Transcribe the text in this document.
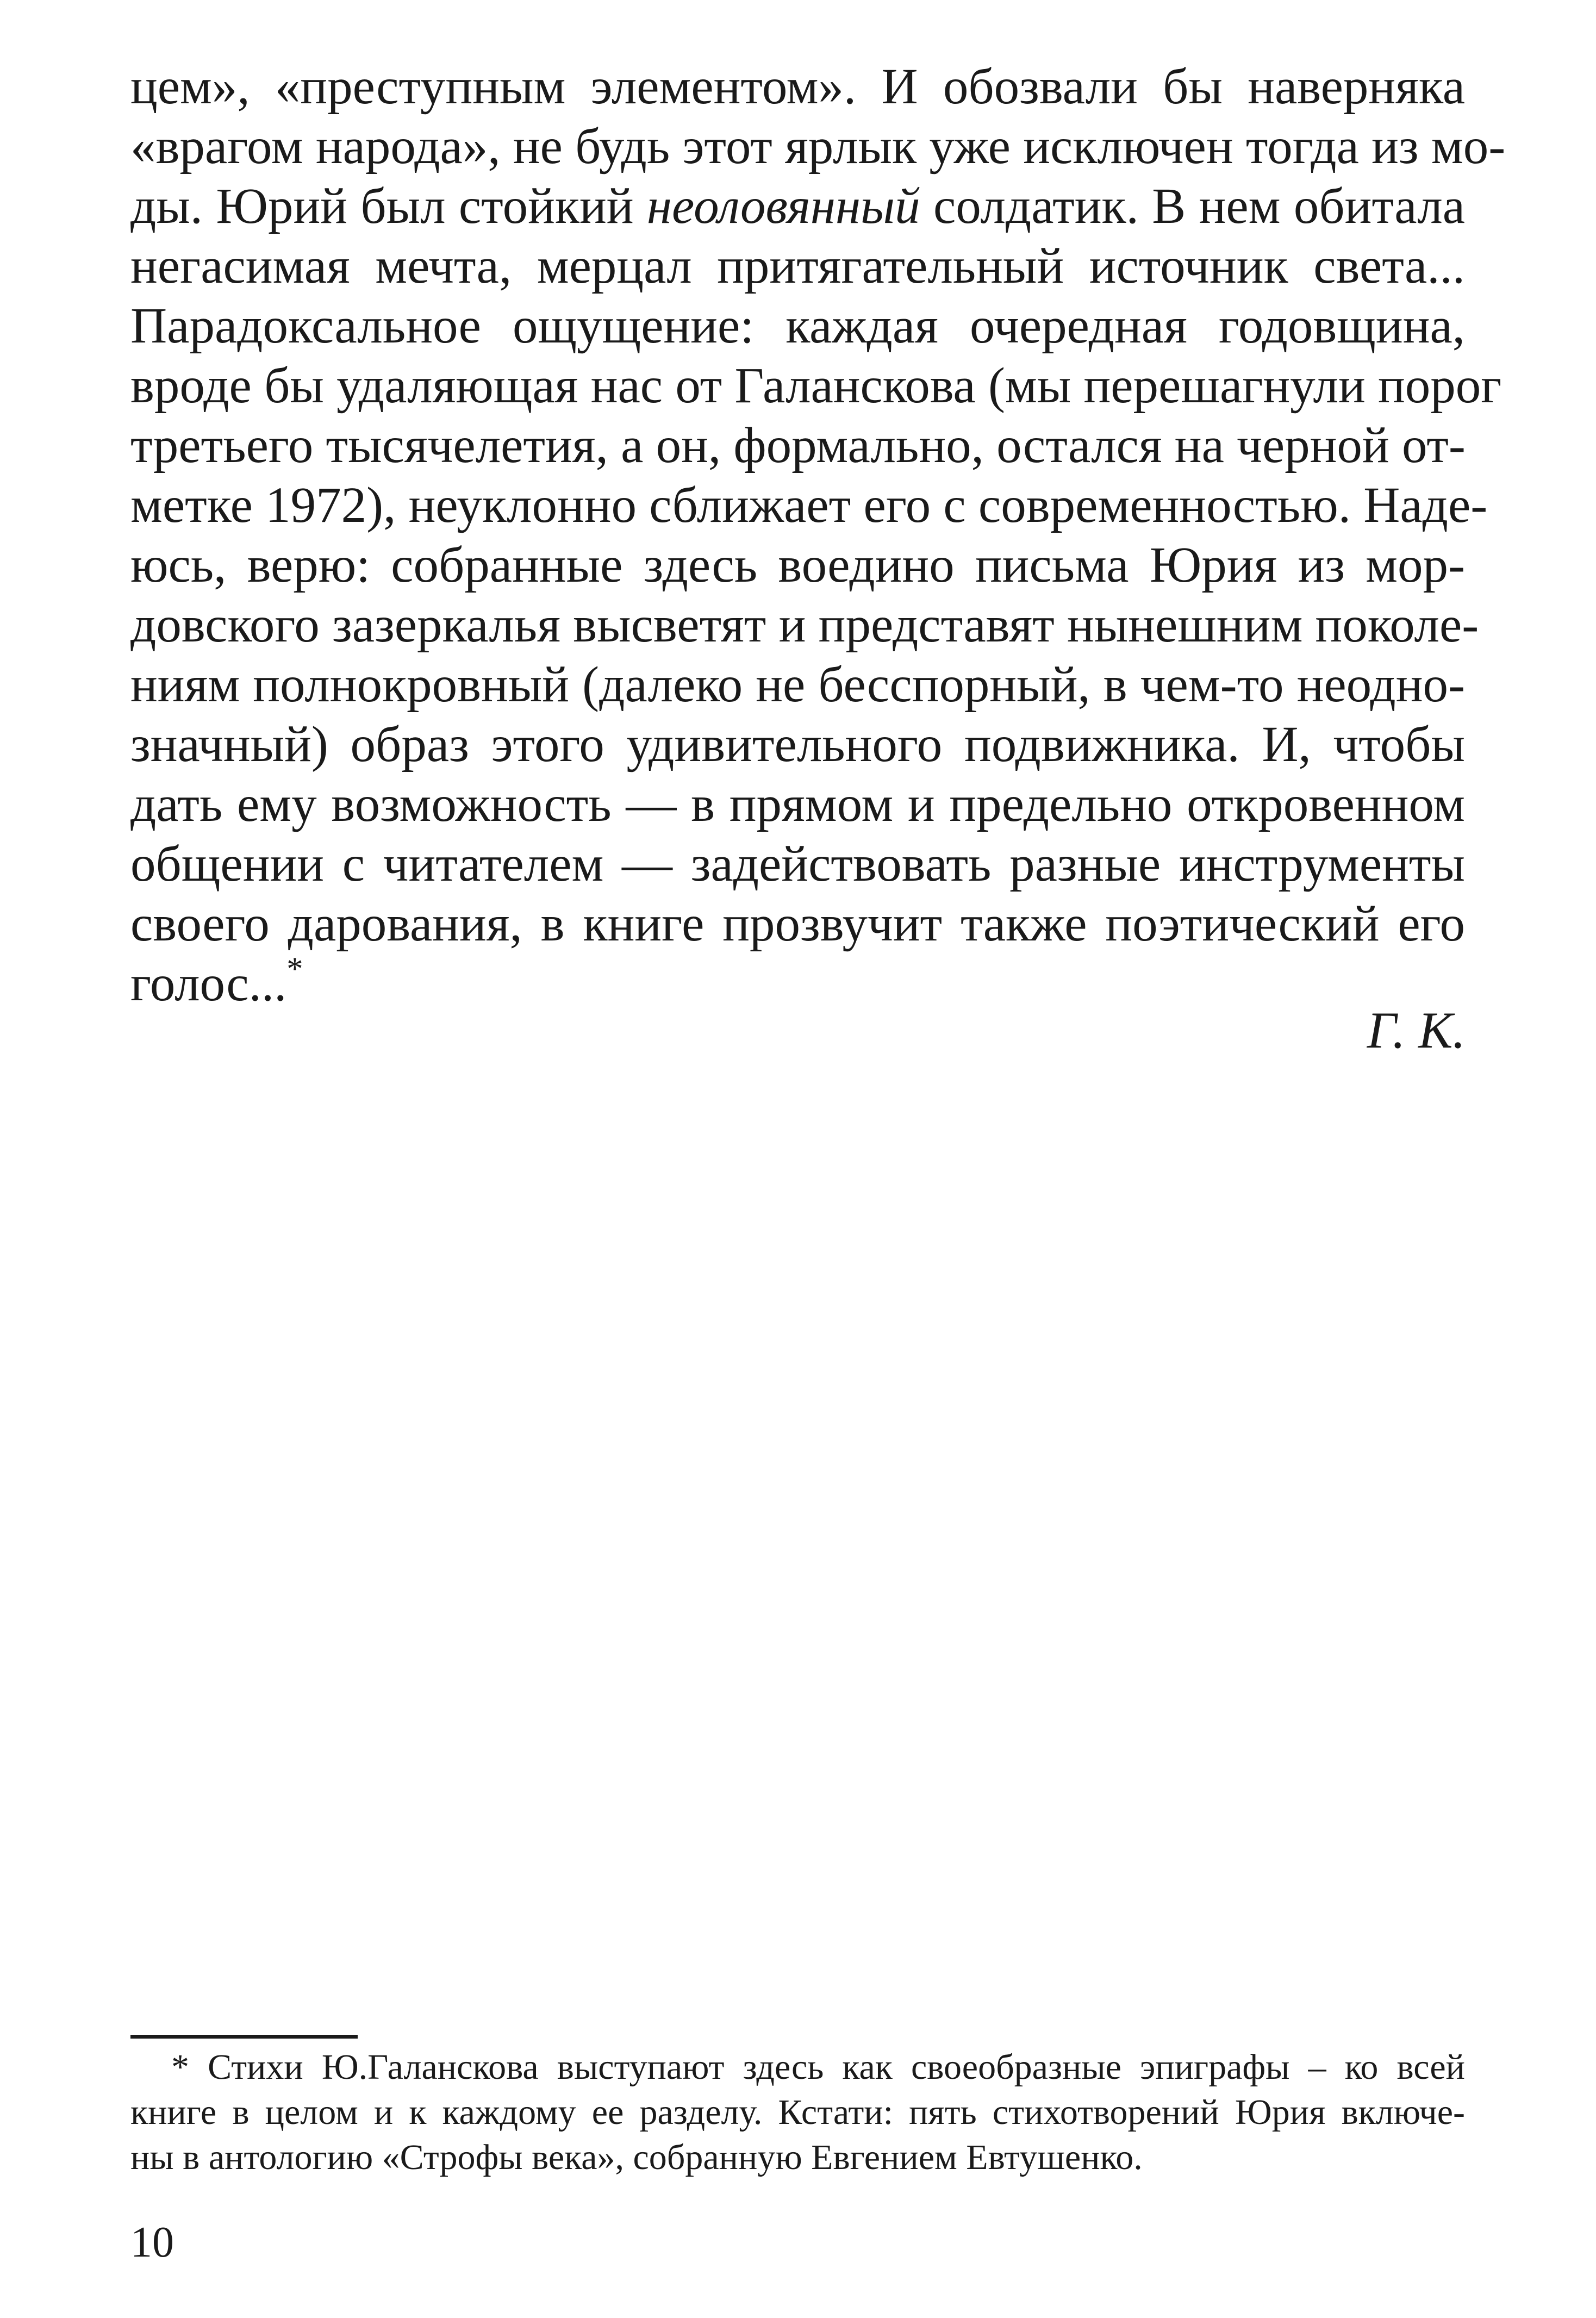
цем», «преступным элементом». И обозвали бы наверняка
«врагом народа», не будь этот ярлык уже исключен тогда из мо-
ды. Юрий был стойкий неоловянный солдатик. В нем обитала
негасимая мечта, мерцал притягательный источник света...
Парадоксальное ощущение: каждая очередная годовщина,
вроде бы удаляющая нас от Галанскова (мы перешагнули порог
третьего тысячелетия, а он, формально, остался на черной от-
метке 1972), неуклонно сближает его с современностью. Наде-
юсь, верю: собранные здесь воедино письма Юрия из мор-
довского зазеркалья высветят и представят нынешним поколе-
ниям полнокровный (далеко не бесспорный, в чем-то неодно-
значный) образ этого удивительного подвижника. И, чтобы
дать ему возможность — в прямом и предельно откровенном
общении с читателем — задействовать разные инструменты
своего дарования, в книге прозвучит также поэтический его
голос...*
Г. К.
* Стихи Ю.Галанскова выступают здесь как своеобразные эпиграфы – ко всей
книге в целом и к каждому ее разделу. Кстати: пять стихотворений Юрия включе-
ны в антологию «Строфы века», собранную Евгением Евтушенко.
10
